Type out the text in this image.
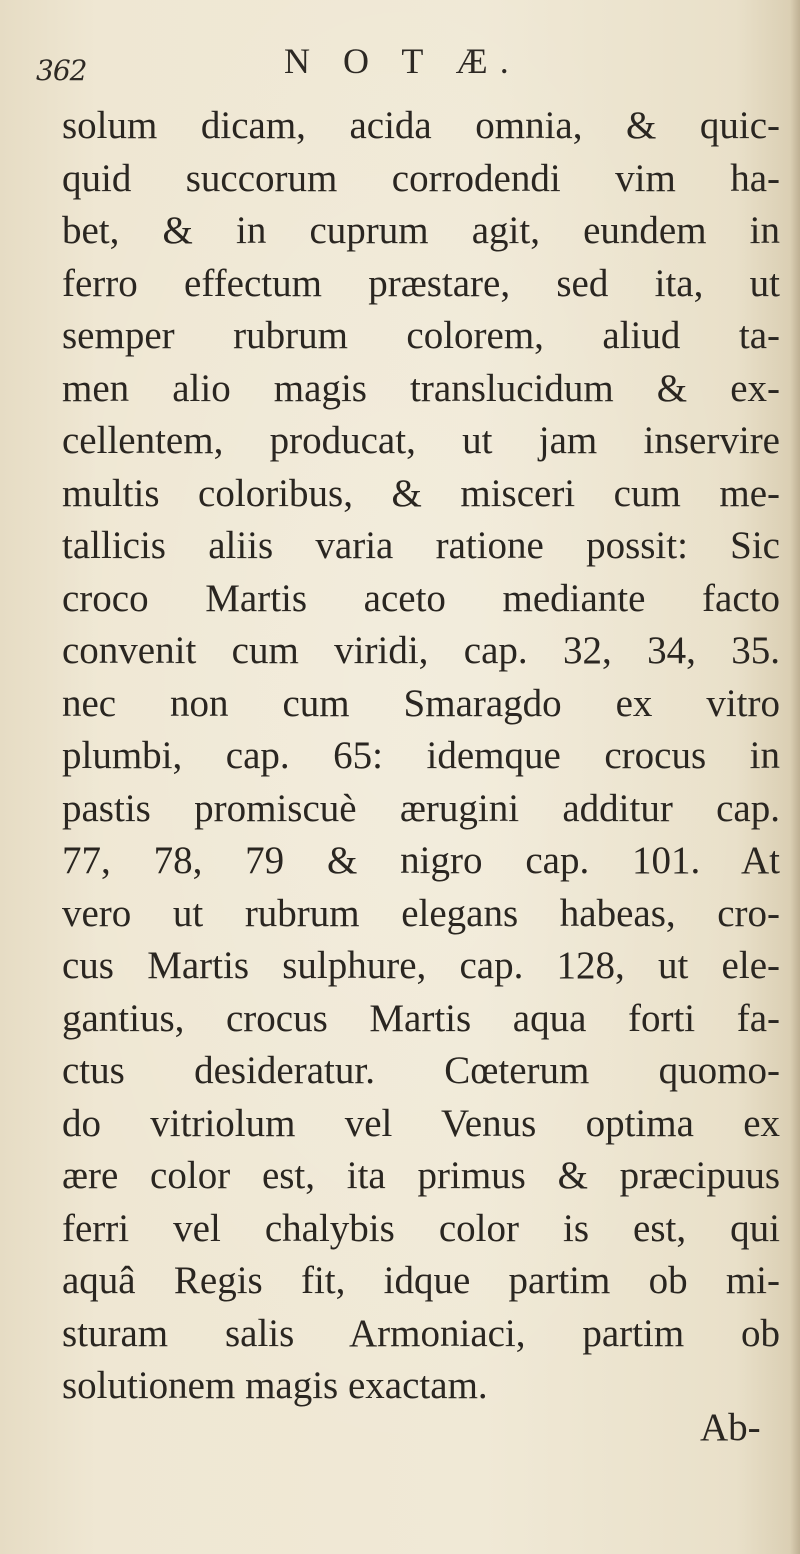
362	N O T Æ.
solum dicam, acida omnia, & quic-
quid succorum corrodendi vim ha-
bet, & in cuprum agit, eundem in
ferro effectum præstare, sed ita, ut
semper rubrum colorem, aliud ta-
men alio magis translucidum & ex-
cellentem, producat, ut jam inservire
multis coloribus, & misceri cum me-
tallicis aliis varia ratione possit: Sic
croco Martis aceto mediante facto
convenit cum viridi, cap. 32, 34, 35.
nec non cum Smaragdo ex vitro
plumbi, cap. 65: idemque crocus in
pastis promiscuè ærugini additur cap.
77, 78, 79 & nigro cap. 101. At
vero ut rubrum elegans habeas, cro-
cus Martis sulphure, cap. 128, ut ele-
gantius, crocus Martis aqua forti fa-
ctus desideratur. Cœterum quomo-
do vitriolum vel Venus optima ex
ære color est, ita primus & præcipuus
ferri vel chalybis color is est, qui
aquâ Regis fit, idque partim ob mi-
sturam salis Armoniaci, partim ob
solutionem magis exactam.
Ab-
